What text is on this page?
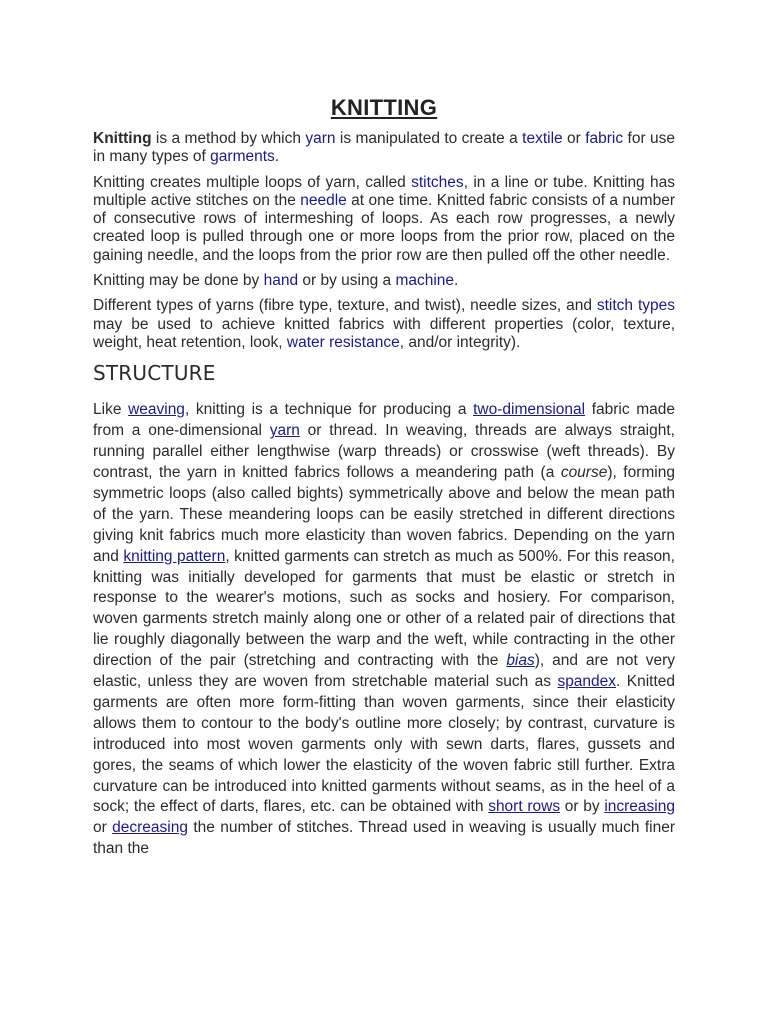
KNITTING

Knitting is a method by which yarn is manipulated to create a textile or fabric for use in many types of garments.

Knitting creates multiple loops of yarn, called stitches, in a line or tube. Knitting has multiple active stitches on the needle at one time. Knitted fabric consists of a number of consecutive rows of intermeshing of loops. As each row progresses, a newly created loop is pulled through one or more loops from the prior row, placed on the gaining needle, and the loops from the prior row are then pulled off the other needle.

Knitting may be done by hand or by using a machine.

Different types of yarns (fibre type, texture, and twist), needle sizes, and stitch types may be used to achieve knitted fabrics with different properties (color, texture, weight, heat retention, look, water resistance, and/or integrity).

STRUCTURE

Like weaving, knitting is a technique for producing a two-dimensional fabric made from a one-dimensional yarn or thread. In weaving, threads are always straight, running parallel either lengthwise (warp threads) or crosswise (weft threads). By contrast, the yarn in knitted fabrics follows a meandering path (a course), forming symmetric loops (also called bights) symmetrically above and below the mean path of the yarn. These meandering loops can be easily stretched in different directions giving knit fabrics much more elasticity than woven fabrics. Depending on the yarn and knitting pattern, knitted garments can stretch as much as 500%. For this reason, knitting was initially developed for garments that must be elastic or stretch in response to the wearer's motions, such as socks and hosiery. For comparison, woven garments stretch mainly along one or other of a related pair of directions that lie roughly diagonally between the warp and the weft, while contracting in the other direction of the pair (stretching and contracting with the bias), and are not very elastic, unless they are woven from stretchable material such as spandex. Knitted garments are often more form-fitting than woven garments, since their elasticity allows them to contour to the body's outline more closely; by contrast, curvature is introduced into most woven garments only with sewn darts, flares, gussets and gores, the seams of which lower the elasticity of the woven fabric still further. Extra curvature can be introduced into knitted garments without seams, as in the heel of a sock; the effect of darts, flares, etc. can be obtained with short rows or by increasing or decreasing the number of stitches. Thread used in weaving is usually much finer than the
